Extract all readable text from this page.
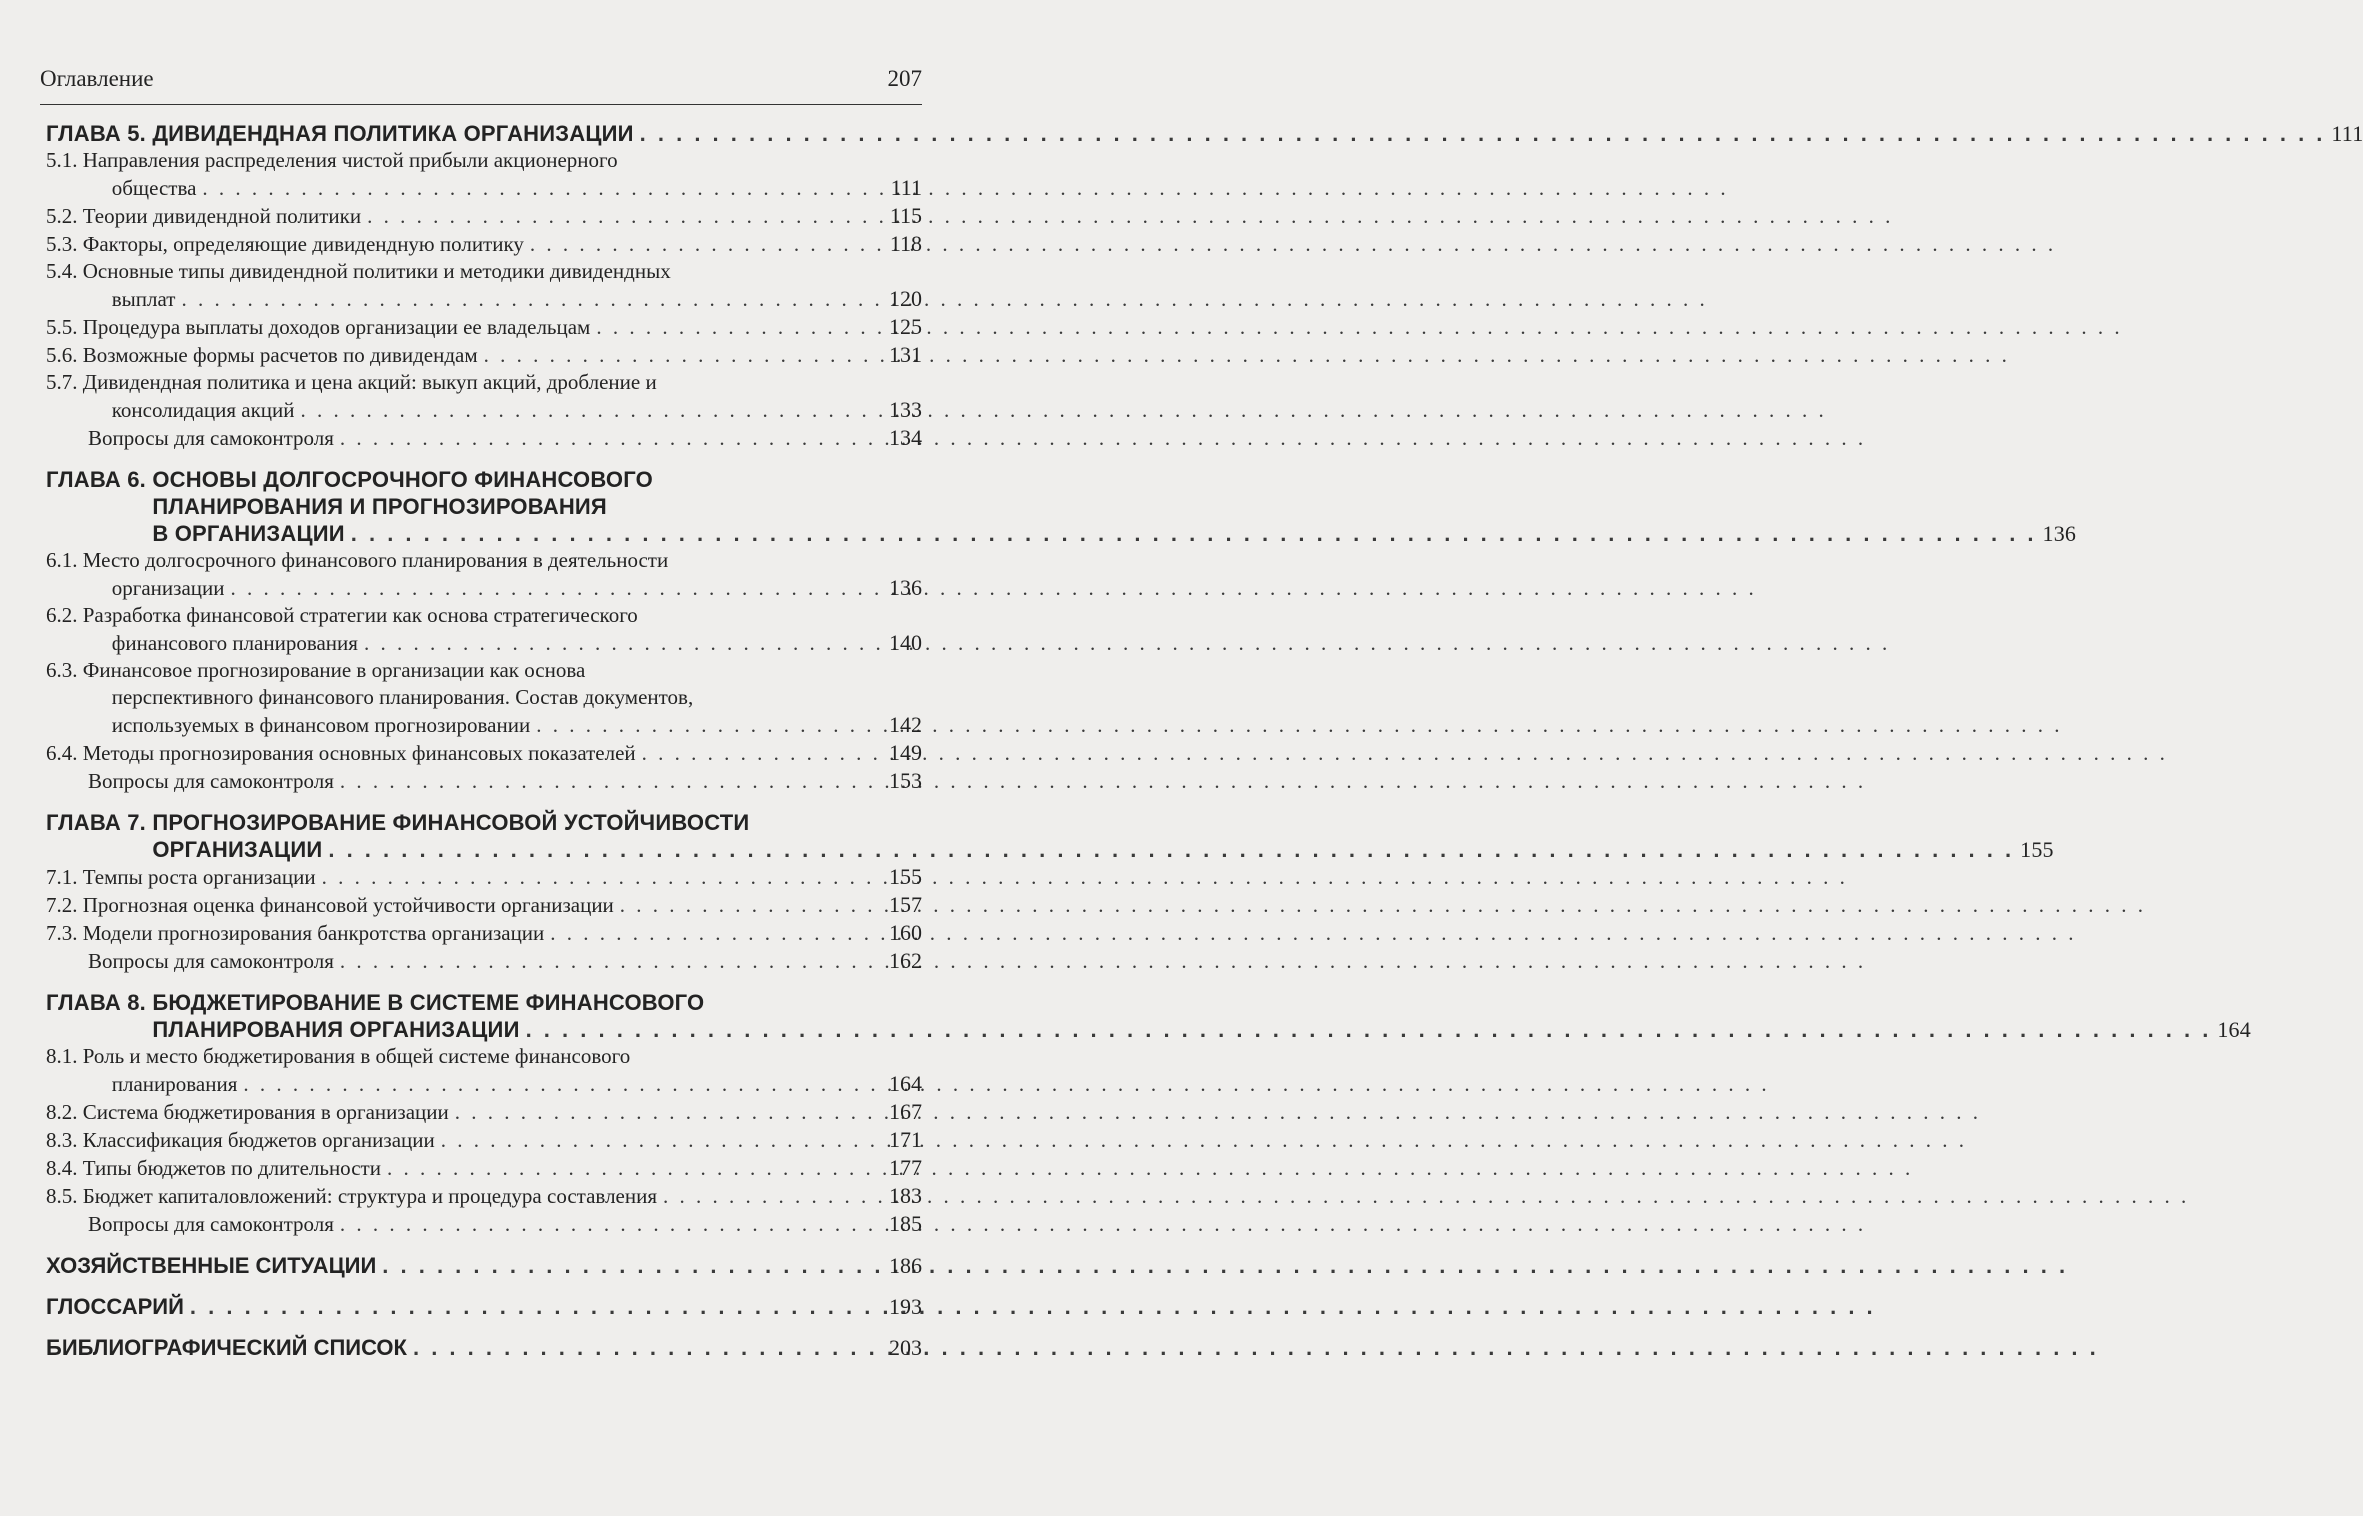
Оглавление	207
ГЛАВА 5. ДИВИДЕНДНАЯ ПОЛИТИКА ОРГАНИЗАЦИИ . . .	111
5.1. Направления распределения чистой прибыли акционерного
общества . . .	111
5.2. Теории дивидендной политики . . .	115
5.3. Факторы, определяющие дивидендную политику . . .	118
5.4. Основные типы дивидендной политики и методики дивидендных
выплат . . .	120
5.5. Процедура выплаты доходов организации ее владельцам . . .	125
5.6. Возможные формы расчетов по дивидендам . . .	131
5.7. Дивидендная политика и цена акций: выкуп акций, дробление и
консолидация акций . . .	133
Вопросы для самоконтроля . . .	134
ГЛАВА 6. ОСНОВЫ ДОЛГОСРОЧНОГО ФИНАНСОВОГО
ПЛАНИРОВАНИЯ И ПРОГНОЗИРОВАНИЯ
В ОРГАНИЗАЦИИ . . .	136
6.1. Место долгосрочного финансового планирования в деятельности
организации . . .	136
6.2. Разработка финансовой стратегии как основа стратегического
финансового планирования . . .	140
6.3. Финансовое прогнозирование в организации как основа
перспективного финансового планирования. Состав документов,
используемых в финансовом прогнозировании . . .	142
6.4. Методы прогнозирования основных финансовых показателей . . .	149
Вопросы для самоконтроля . . .	153
ГЛАВА 7. ПРОГНОЗИРОВАНИЕ ФИНАНСОВОЙ УСТОЙЧИВОСТИ
ОРГАНИЗАЦИИ . . .	155
7.1. Темпы роста организации . . .	155
7.2. Прогнозная оценка финансовой устойчивости организации . . .	157
7.3. Модели прогнозирования банкротства организации . . .	160
Вопросы для самоконтроля . . .	162
ГЛАВА 8. БЮДЖЕТИРОВАНИЕ В СИСТЕМЕ ФИНАНСОВОГО
ПЛАНИРОВАНИЯ ОРГАНИЗАЦИИ . . .	164
8.1. Роль и место бюджетирования в общей системе финансового
планирования . . .	164
8.2. Система бюджетирования в организации . . .	167
8.3. Классификация бюджетов организации . . .	171
8.4. Типы бюджетов по длительности . . .	177
8.5. Бюджет капиталовложений: структура и процедура составления . . .	183
Вопросы для самоконтроля . . .	185
ХОЗЯЙСТВЕННЫЕ СИТУАЦИИ . . .	186
ГЛОССАРИЙ . . .	193
БИБЛИОГРАФИЧЕСКИЙ СПИСОК . . .	203
